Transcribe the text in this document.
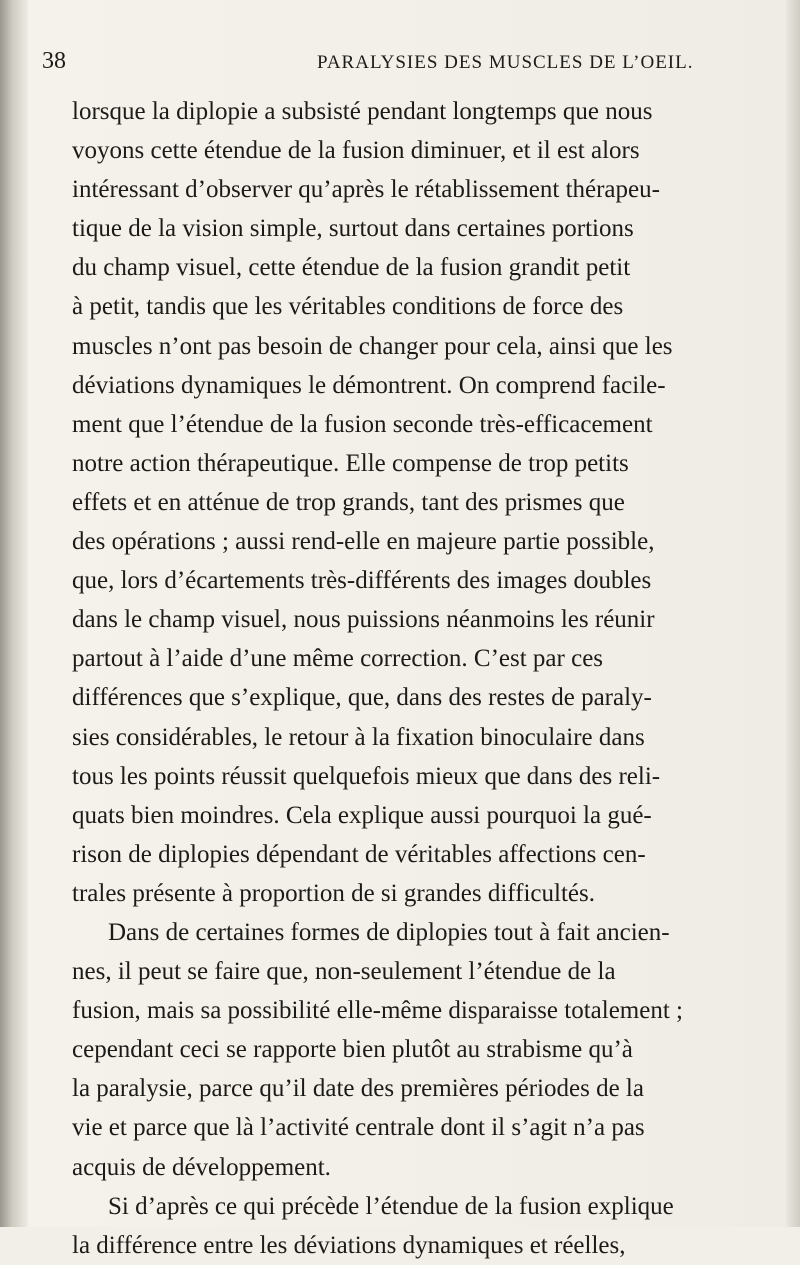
38	PARALYSIES DES MUSCLES DE L’OEIL.
lorsque la diplopie a subsisté pendant longtemps que nous
voyons cette étendue de la fusion diminuer, et il est alors
intéressant d’observer qu’après le rétablissement thérapeu-
tique de la vision simple, surtout dans certaines portions
du champ visuel, cette étendue de la fusion grandit petit
à petit, tandis que les véritables conditions de force des
muscles n’ont pas besoin de changer pour cela, ainsi que les
déviations dynamiques le démontrent. On comprend facile-
ment que l’étendue de la fusion seconde très-efficacement
notre action thérapeutique. Elle compense de trop petits
effets et en atténue de trop grands, tant des prismes que
des opérations ; aussi rend-elle en majeure partie possible,
que, lors d’écartements très-différents des images doubles
dans le champ visuel, nous puissions néanmoins les réunir
partout à l’aide d’une même correction. C’est par ces
différences que s’explique, que, dans des restes de paraly-
sies considérables, le retour à la fixation binoculaire dans
tous les points réussit quelquefois mieux que dans des reli-
quats bien moindres. Cela explique aussi pourquoi la gué-
rison de diplopies dépendant de véritables affections cen-
trales présente à proportion de si grandes difficultés.
Dans de certaines formes de diplopies tout à fait ancien-
nes, il peut se faire que, non-seulement l’étendue de la
fusion, mais sa possibilité elle-même disparaisse totalement ;
cependant ceci se rapporte bien plutôt au strabisme qu’à
la paralysie, parce qu’il date des premières périodes de la
vie et parce que là l’activité centrale dont il s’agit n’a pas
acquis de développement.
Si d’après ce qui précède l’étendue de la fusion explique
la différence entre les déviations dynamiques et réelles,
